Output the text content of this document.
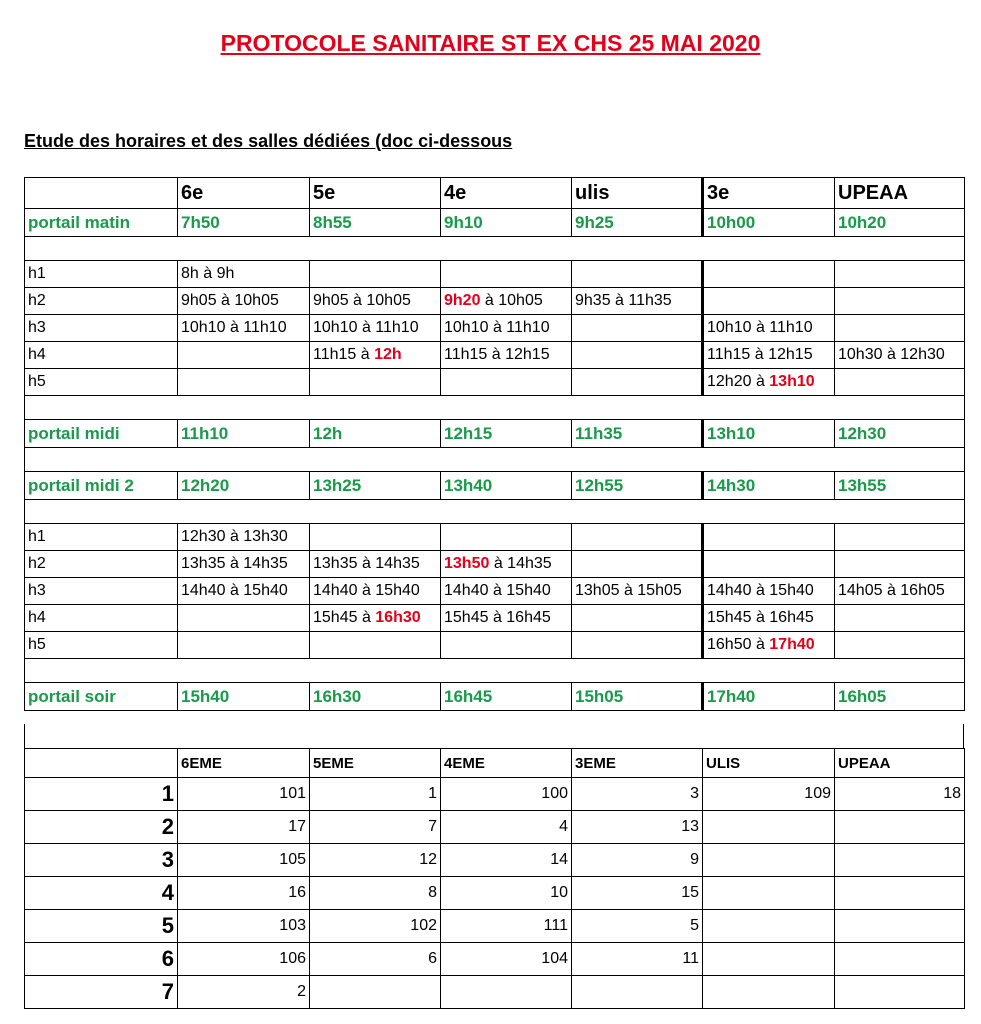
PROTOCOLE SANITAIRE ST EX CHS 25 MAI 2020
Etude des horaires et des salles dédiées (doc ci-dessous
	6e	5e	4e	ulis	3e	UPEAA
portail matin	7h50	8h55	9h10	9h25	10h00	10h20

h1	8h à 9h					
h2	9h05 à 10h05	9h05 à 10h05	9h20 à 10h05	9h35 à 11h35		
h3	10h10 à 11h10	10h10 à 11h10	10h10 à 11h10		10h10 à 11h10	
h4		11h15 à 12h	11h15 à 12h15		11h15 à 12h15	10h30 à 12h30
h5					12h20 à 13h10	

portail midi	11h10	12h	12h15	11h35	13h10	12h30

portail midi 2	12h20	13h25	13h40	12h55	14h30	13h55

h1	12h30 à 13h30					
h2	13h35 à 14h35	13h35 à 14h35	13h50 à 14h35			
h3	14h40 à 15h40	14h40 à 15h40	14h40 à 15h40	13h05 à 15h05	14h40 à 15h40	14h05 à 16h05
h4		15h45 à 16h30	15h45 à 16h45		15h45 à 16h45	
h5					16h50 à 17h40	

portail soir	15h40	16h30	16h45	15h05	17h40	16h05
	6EME	5EME	4EME	3EME	ULIS	UPEAA
1	101	1	100	3	109	18
2	17	7	4	13		
3	105	12	14	9		
4	16	8	10	15		
5	103	102	111	5		
6	106	6	104	11		
7	2					
